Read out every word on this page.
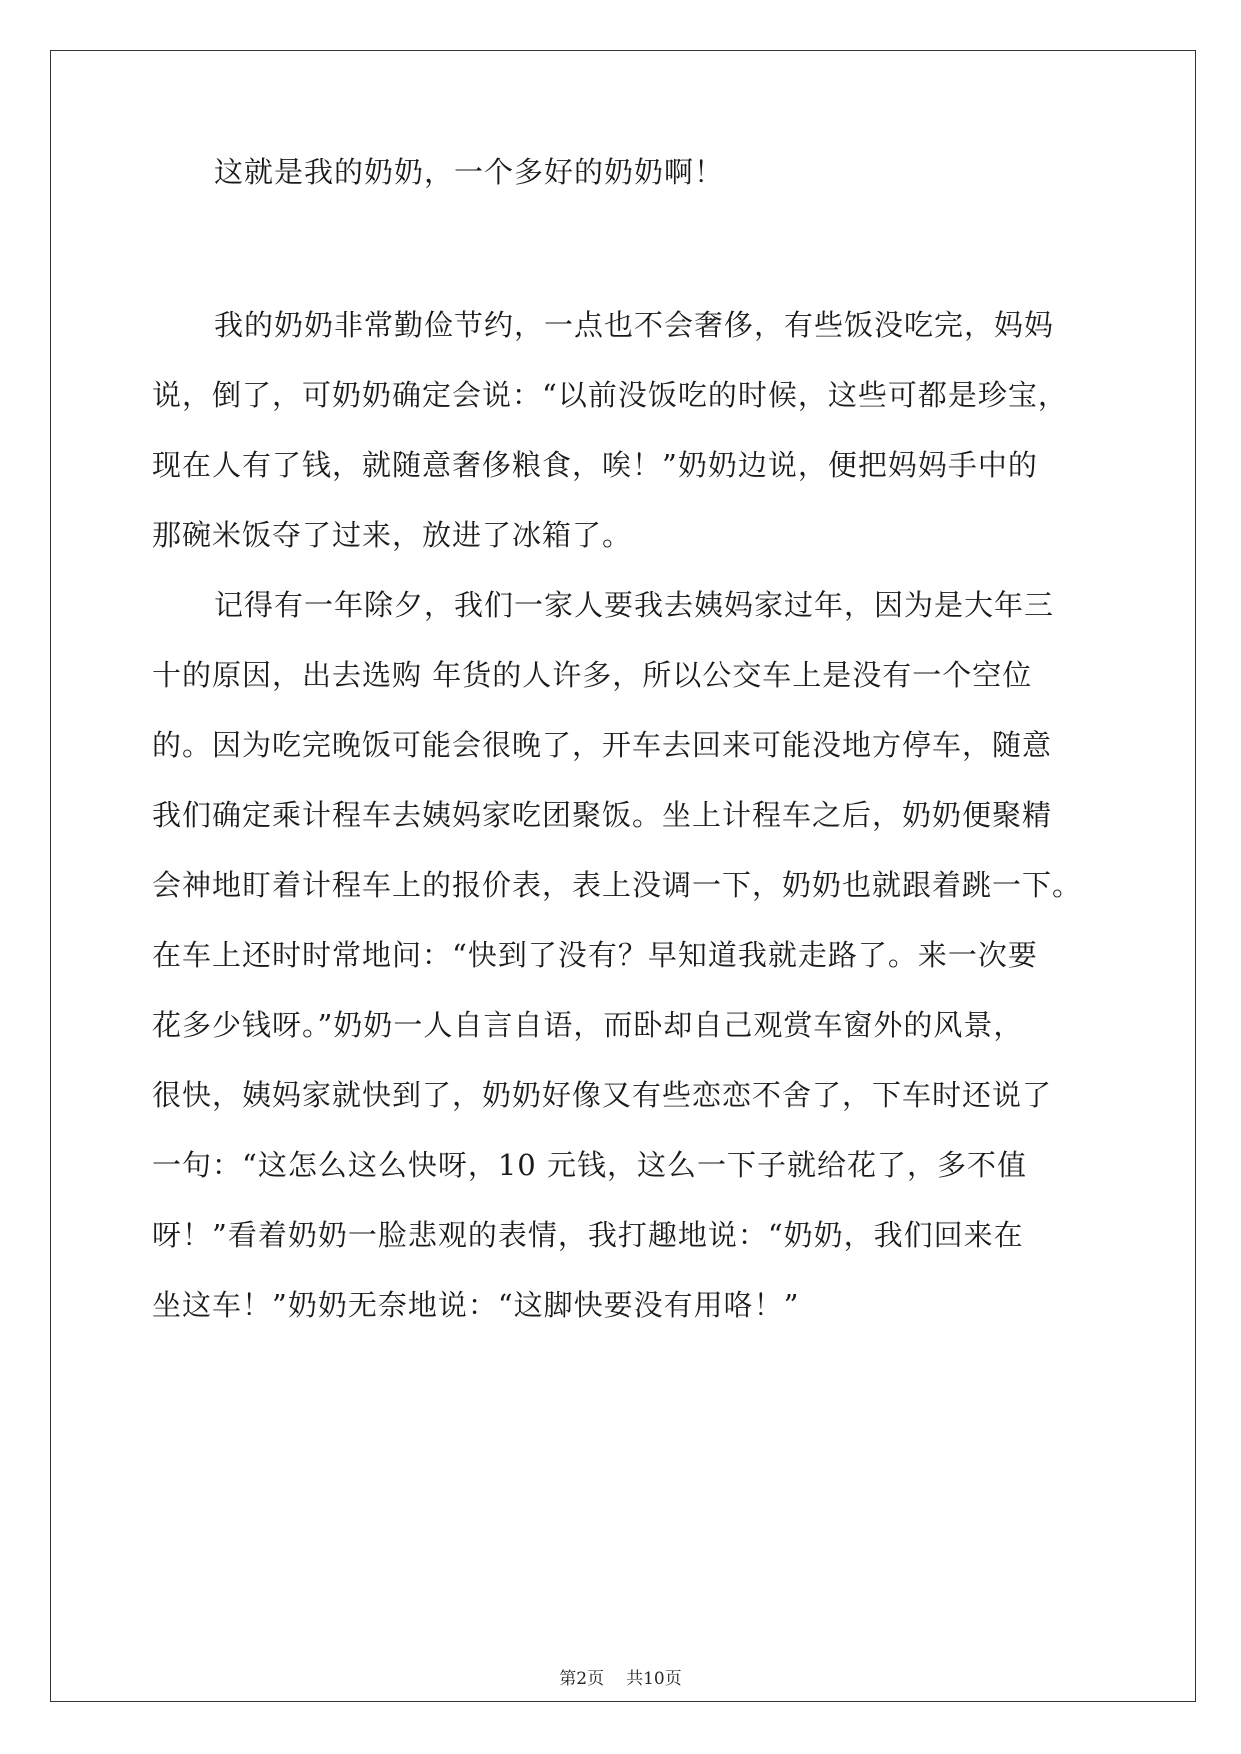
这就是我的奶奶，一个多好的奶奶啊！
我的奶奶非常勤俭节约，一点也不会奢侈，有些饭没吃完，妈妈
说，倒了，可奶奶确定会说：“以前没饭吃的时候，这些可都是珍宝，
现在人有了钱，就随意奢侈粮食，唉！”奶奶边说，便把妈妈手中的
那碗米饭夺了过来，放进了冰箱了。
记得有一年除夕，我们一家人要我去姨妈家过年，因为是大年三
十的原因，出去选购 年货的人许多，所以公交车上是没有一个空位
的。因为吃完晚饭可能会很晚了，开车去回来可能没地方停车，随意
我们确定乘计程车去姨妈家吃团聚饭。坐上计程车之后，奶奶便聚精
会神地盯着计程车上的报价表，表上没调一下，奶奶也就跟着跳一下。
在车上还时时常地问：“快到了没有？早知道我就走路了。来一次要
花多少钱呀。”奶奶一人自言自语，而卧却自己观赏车窗外的风景，
很快，姨妈家就快到了，奶奶好像又有些恋恋不舍了，下车时还说了
一句：“这怎么这么快呀，10 元钱，这么一下子就给花了，多不值
呀！”看着奶奶一脸悲观的表情，我打趣地说：“奶奶，我们回来在
坐这车！”奶奶无奈地说：“这脚快要没有用咯！”
第2页 共10页
